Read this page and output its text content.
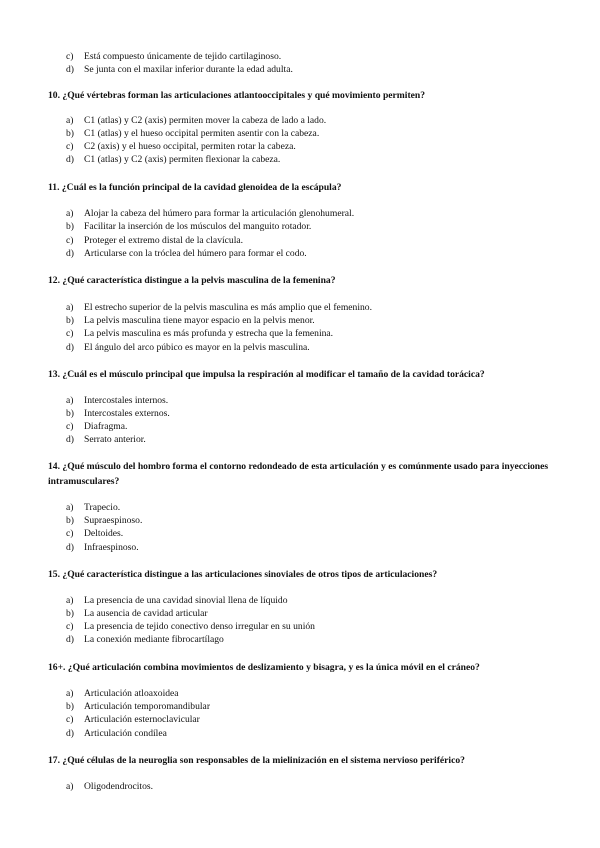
c) Está compuesto únicamente de tejido cartilaginoso.
d) Se junta con el maxilar inferior durante la edad adulta.
10. ¿Qué vértebras forman las articulaciones atlantooccipitales y qué movimiento permiten?
a) C1 (atlas) y C2 (axis) permiten mover la cabeza de lado a lado.
b) C1 (atlas) y el hueso occipital permiten asentir con la cabeza.
c) C2 (axis) y el hueso occipital, permiten rotar la cabeza.
d) C1 (atlas) y C2 (axis) permiten flexionar la cabeza.
11. ¿Cuál es la función principal de la cavidad glenoidea de la escápula?
a) Alojar la cabeza del húmero para formar la articulación glenohumeral.
b) Facilitar la inserción de los músculos del manguito rotador.
c) Proteger el extremo distal de la clavícula.
d) Articularse con la tróclea del húmero para formar el codo.
12. ¿Qué característica distingue a la pelvis masculina de la femenina?
a) El estrecho superior de la pelvis masculina es más amplio que el femenino.
b) La pelvis masculina tiene mayor espacio en la pelvis menor.
c) La pelvis masculina es más profunda y estrecha que la femenina.
d) El ángulo del arco púbico es mayor en la pelvis masculina.
13. ¿Cuál es el músculo principal que impulsa la respiración al modificar el tamaño de la cavidad torácica?
a) Intercostales internos.
b) Intercostales externos.
c) Diafragma.
d) Serrato anterior.
14. ¿Qué músculo del hombro forma el contorno redondeado de esta articulación y es comúnmente usado para inyecciones intramusculares?
a) Trapecio.
b) Supraespinoso.
c) Deltoides.
d) Infraespinoso.
15. ¿Qué característica distingue a las articulaciones sinoviales de otros tipos de articulaciones?
a) La presencia de una cavidad sinovial llena de líquido
b) La ausencia de cavidad articular
c) La presencia de tejido conectivo denso irregular en su unión
d) La conexión mediante fibrocartílago
16+. ¿Qué articulación combina movimientos de deslizamiento y bisagra, y es la única móvil en el cráneo?
a) Articulación atloaxoidea
b) Articulación temporomandibular
c) Articulación esternoclavicular
d) Articulación condílea
17. ¿Qué células de la neuroglia son responsables de la mielinización en el sistema nervioso periférico?
a) Oligodendrocitos.
